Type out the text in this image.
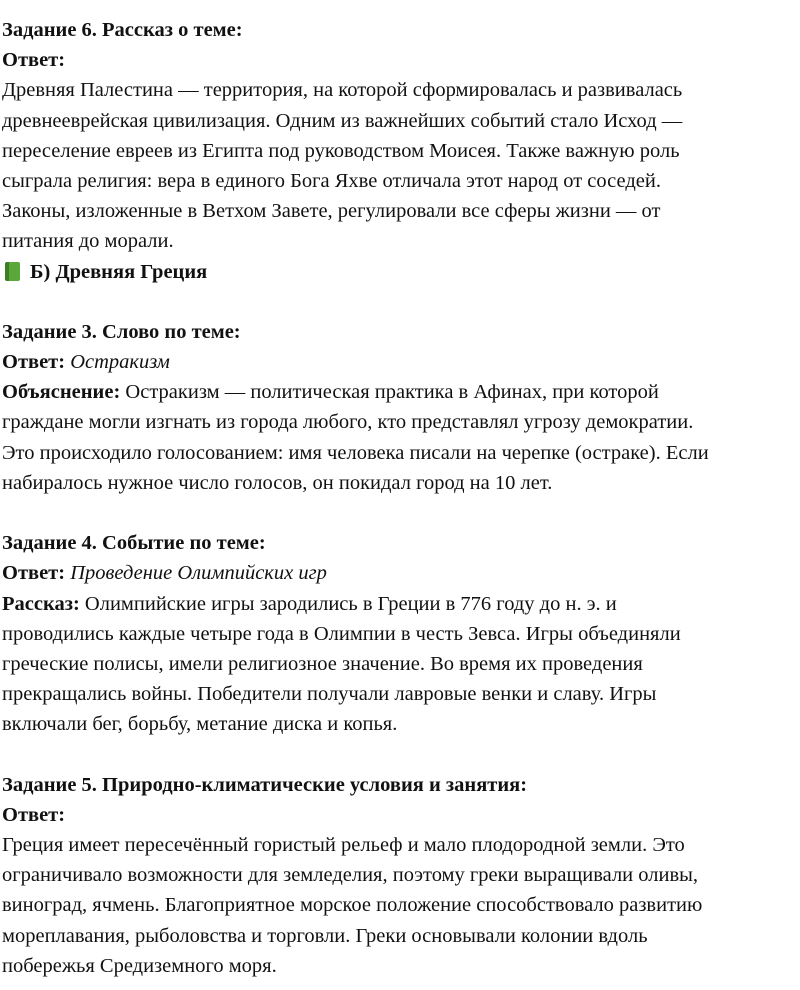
Задание 6. Рассказ о теме:
Ответ:
Древняя Палестина — территория, на которой сформировалась и развивалась
древнееврейская цивилизация. Одним из важнейших событий стало Исход —
переселение евреев из Египта под руководством Моисея. Также важную роль
сыграла религия: вера в единого Бога Яхве отличала этот народ от соседей.
Законы, изложенные в Ветхом Завете, регулировали все сферы жизни — от
питания до морали.
Б) Древняя Греция
Задание 3. Слово по теме:
Ответ: Остракизм
Объяснение: Остракизм — политическая практика в Афинах, при которой
граждане могли изгнать из города любого, кто представлял угрозу демократии.
Это происходило голосованием: имя человека писали на черепке (остраке). Если
набиралось нужное число голосов, он покидал город на 10 лет.
Задание 4. Событие по теме:
Ответ: Проведение Олимпийских игр
Рассказ: Олимпийские игры зародились в Греции в 776 году до н. э. и
проводились каждые четыре года в Олимпии в честь Зевса. Игры объединяли
греческие полисы, имели религиозное значение. Во время их проведения
прекращались войны. Победители получали лавровые венки и славу. Игры
включали бег, борьбу, метание диска и копья.
Задание 5. Природно-климатические условия и занятия:
Ответ:
Греция имеет пересечённый гористый рельеф и мало плодородной земли. Это
ограничивало возможности для земледелия, поэтому греки выращивали оливы,
виноград, ячмень. Благоприятное морское положение способствовало развитию
мореплавания, рыболовства и торговли. Греки основывали колонии вдоль
побережья Средиземного моря.
